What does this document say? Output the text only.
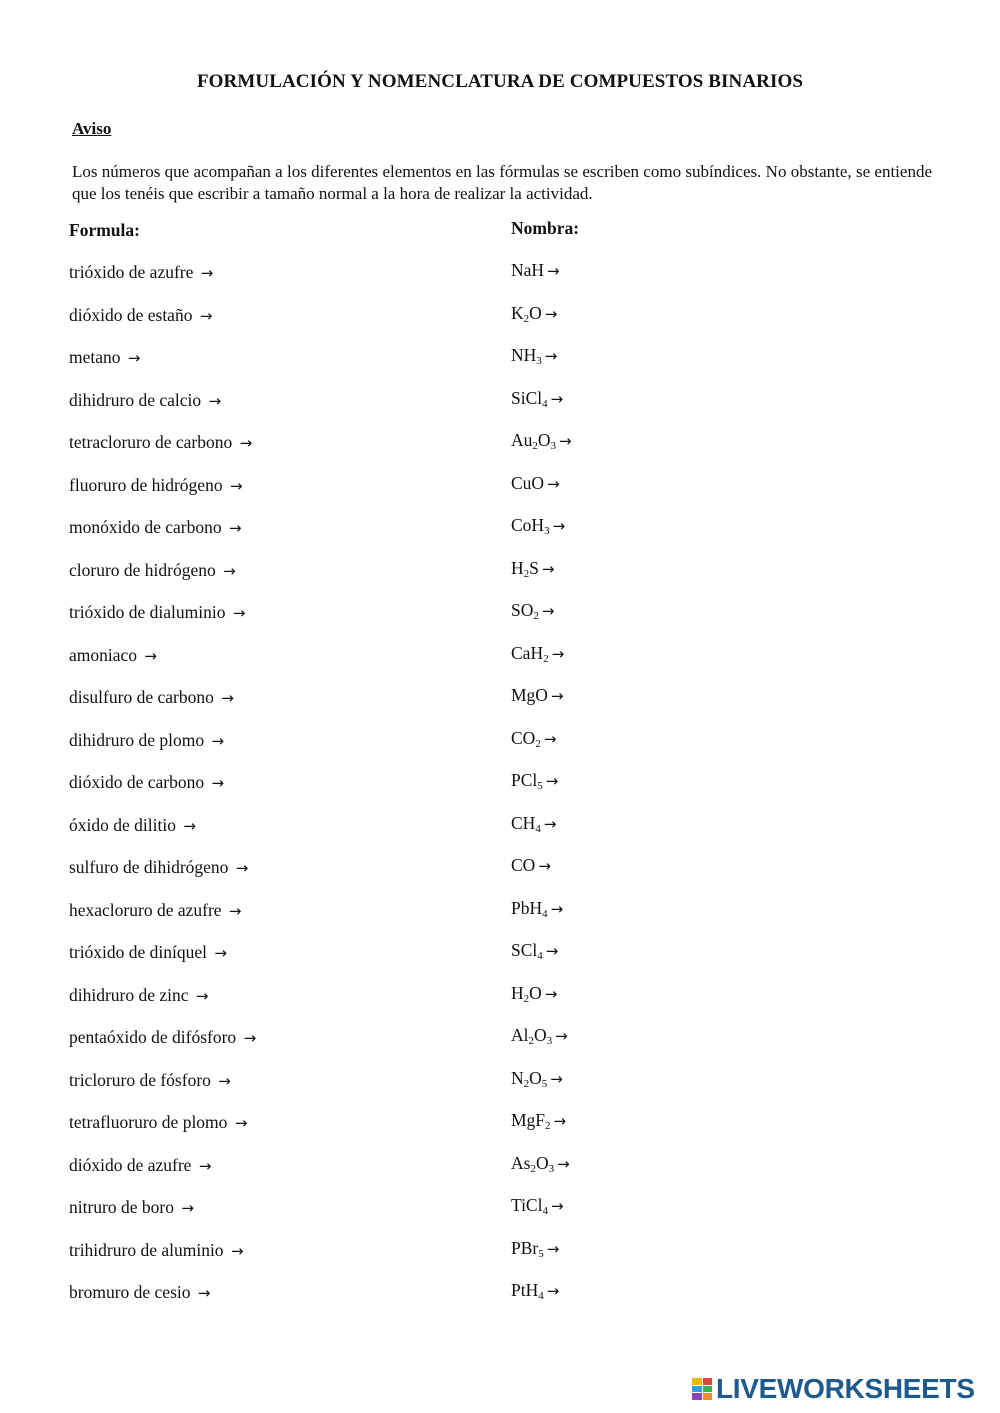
FORMULACIÓN Y NOMENCLATURA DE COMPUESTOS BINARIOS
Aviso
Los números que acompañan a los diferentes elementos en las fórmulas se escriben como subíndices. No obstante, se entiende que los tenéis que escribir a tamaño normal a la hora de realizar la actividad.
Formula:	Nombra:
trióxido de azufre →
dióxido de estaño →
metano →
dihidruro de calcio →
tetracloruro de carbono →
fluoruro de hidrógeno →
monóxido de carbono →
cloruro de hidrógeno →
trióxido de dialuminio →
amoniaco →
disulfuro de carbono →
dihidruro de plomo →
dióxido de carbono →
óxido de dilitio →
sulfuro de dihidrógeno →
hexacloruro de azufre →
trióxido de diníquel →
dihidruro de zinc →
pentaóxido de difósforo →
tricloruro de fósforo →
tetrafluoruro de plomo →
dióxido de azufre →
nitruro de boro →
trihidruro de aluminio →
bromuro de cesio →
NaH →
$K_2O$ →
$NH_3$ →
SiCl$_4$ →
$Au_2O_3$ →
CuO →
CoH$_3$ →
$H_2S$ →
$SO_2$ →
CaH$_2$ →
MgO →
$CO_2$ →
PCl$_5$ →
$CH_4$ →
CO →
PbH$_4$ →
SCl$_4$ →
$H_2O$ →
$Al_2O_3$ →
$N_2O_5$ →
MgF$_2$ →
$As_2O_3$ →
TiCl$_4$ →
PBr$_5$ →
PtH$_4$ →
LIVEWORKSHEETS
